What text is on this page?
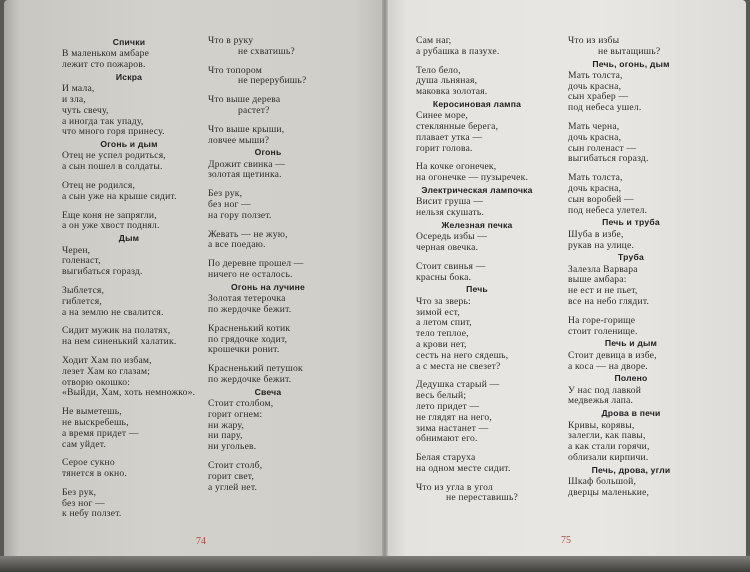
Спички
В маленьком амбаре
лежит сто пожаров.
Искра
И мала,
и зла,
чуть свечу,
а иногда так упаду,
что много горя принесу.
Огонь и дым
Отец не успел родиться,
а сын пошел в солдаты.
Отец не родился,
а сын уже на крыше сидит.
Еще коня не запрягли,
а он уже хвост поднял.
Дым
Черен,
голенаст,
выгибаться горазд.
Зыблется,
гиблется,
а на землю не свалится.
Сидит мужик на полатях,
на нем синенький халатик.
Ходит Хам по избам,
лезет Хам ко глазам;
отворю окошко:
«Выйди, Хам, хоть немножко».
Не выметешь,
не выскребешь,
а время придет —
сам уйдет.
Серое сукно
тянется в окно.
Без рук,
без ног —
к небу ползет.
Что в руку
не схватишь?
Что топором
не перерубишь?
Что выше дерева
растет?
Что выше крыши,
ловчее мыши?
Огонь
Дрожит свинка —
золотая щетинка.
Без рук,
без ног —
на гору ползет.
Жевать — не жую,
а все поедаю.
По деревне прошел —
ничего не осталось.
Огонь на лучине
Золотая тетерочка
по жердочке бежит.
Красненький котик
по грядочке ходит,
крошечки ронит.
Красненький петушок
по жердочке бежит.
Свеча
Стоит столбом,
горит огнем:
ни жару,
ни пару,
ни угольев.
Стоит столб,
горит свет,
а углей нет.
Сам наг,
а рубашка в пазухе.
Тело бело,
душа льняная,
маковка золотая.
Керосиновая лампа
Синее море,
стеклянные берега,
плавает утка —
горит голова.
На кочке огонечек,
на огонечке — пузыречек.
Электрическая лампочка
Висит груша —
нельзя скушать.
Железная печка
Осередь избы —
черная овечка.
Стоит свинья —
красны бока.
Печь
Что за зверь:
зимой ест,
а летом спит,
тело теплое,
а крови нет,
сесть на него сядешь,
а с места не свезет?
Дедушка старый —
весь белый;
лето придет —
не глядят на него,
зима настанет —
обнимают его.
Белая старуха
на одном месте сидит.
Что из угла в угол
не переставишь?
Что из избы
не вытащишь?
Печь, огонь, дым
Мать толста,
дочь красна,
сын храбер —
под небеса ушел.
Мать черна,
дочь красна,
сын голенаст —
выгибаться горазд.
Мать толста,
дочь красна,
сын воробей —
под небеса улетел.
Печь и труба
Шуба в избе,
рукав на улице.
Труба
Залезла Варвара
выше амбара:
не ест и не пьет,
все на небо глядит.
На горе-горище
стоит голенище.
Печь и дым
Стоит девица в избе,
а коса — на дворе.
Полено
У нас под лавкой
медвежья лапа.
Дрова в печи
Кривы, корявы,
залегли, как павы,
а как стали горячи,
облизали кирпичи.
Печь, дрова, угли
Шкаф большой,
дверцы маленькие,
74	75
